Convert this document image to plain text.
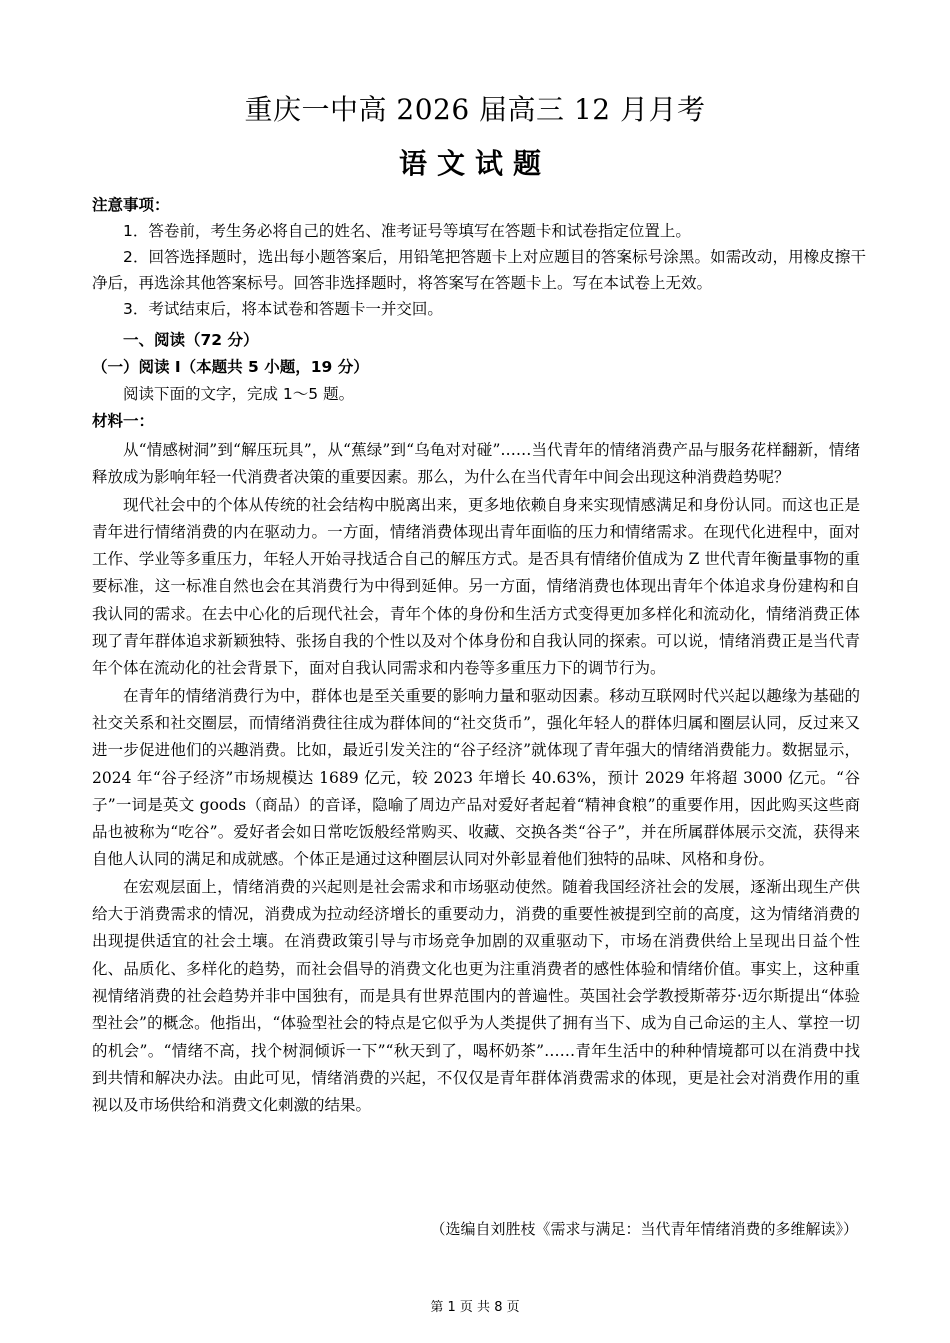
重庆一中高 2026 届高三 12 月月考
语文试题
注意事项：

1．答卷前，考生务必将自己的姓名、准考证号等填写在答题卡和试卷指定位置上。

2．回答选择题时，选出每小题答案后，用铅笔把答题卡上对应题目的答案标号涂黑。如需改动，用橡皮擦干净后，再选涂其他答案标号。回答非选择题时，将答案写在答题卡上。写在本试卷上无效。

3．考试结束后，将本试卷和答题卡一并交回。

一、阅读（72 分）
（一）阅读 I（本题共 5 小题，19 分）
阅读下面的文字，完成 1～5 题。
材料一：

从“情感树洞”到“解压玩具”，从“蕉绿”到“乌龟对对碰”……当代青年的情绪消费产品与服务花样翻新，情绪释放成为影响年轻一代消费者决策的重要因素。那么，为什么在当代青年中间会出现这种消费趋势呢？

现代社会中的个体从传统的社会结构中脱离出来，更多地依赖自身来实现情感满足和身份认同。而这也正是青年进行情绪消费的内在驱动力。一方面，情绪消费体现出青年面临的压力和情绪需求。在现代化进程中，面对工作、学业等多重压力，年轻人开始寻找适合自己的解压方式。是否具有情绪价值成为 Z 世代青年衡量事物的重要标准，这一标准自然也会在其消费行为中得到延伸。另一方面，情绪消费也体现出青年个体追求身份建构和自我认同的需求。在去中心化的后现代社会，青年个体的身份和生活方式变得更加多样化和流动化，情绪消费正体现了青年群体追求新颖独特、张扬自我的个性以及对个体身份和自我认同的探索。可以说，情绪消费正是当代青年个体在流动化的社会背景下，面对自我认同需求和内卷等多重压力下的调节行为。

在青年的情绪消费行为中，群体也是至关重要的影响力量和驱动因素。移动互联网时代兴起以趣缘为基础的社交关系和社交圈层，而情绪消费往往成为群体间的“社交货币”，强化年轻人的群体归属和圈层认同，反过来又进一步促进他们的兴趣消费。比如，最近引发关注的“谷子经济”就体现了青年强大的情绪消费能力。数据显示，2024 年“谷子经济”市场规模达 1689 亿元，较 2023 年增长 40.63%，预计 2029 年将超 3000 亿元。“谷子”一词是英文 goods（商品）的音译，隐喻了周边产品对爱好者起着“精神食粮”的重要作用，因此购买这些商品也被称为“吃谷”。爱好者会如日常吃饭般经常购买、收藏、交换各类“谷子”，并在所属群体展示交流，获得来自他人认同的满足和成就感。个体正是通过这种圈层认同对外彰显着他们独特的品味、风格和身份。

在宏观层面上，情绪消费的兴起则是社会需求和市场驱动使然。随着我国经济社会的发展，逐渐出现生产供给大于消费需求的情况，消费成为拉动经济增长的重要动力，消费的重要性被提到空前的高度，这为情绪消费的出现提供适宜的社会土壤。在消费政策引导与市场竞争加剧的双重驱动下，市场在消费供给上呈现出日益个性化、品质化、多样化的趋势，而社会倡导的消费文化也更为注重消费者的感性体验和情绪价值。事实上，这种重视情绪消费的社会趋势并非中国独有，而是具有世界范围内的普遍性。英国社会学教授斯蒂芬·迈尔斯提出“体验型社会”的概念。他指出，“体验型社会的特点是它似乎为人类提供了拥有当下、成为自己命运的主人、掌控一切的机会”。“情绪不高，找个树洞倾诉一下”“秋天到了，喝杯奶茶”……青年生活中的种种情境都可以在消费中找到共情和解决办法。由此可见，情绪消费的兴起，不仅仅是青年群体消费需求的体现，更是社会对消费作用的重视以及市场供给和消费文化刺激的结果。

（选编自刘胜枝《需求与满足：当代青年情绪消费的多维解读》）
第 1 页 共 8 页
